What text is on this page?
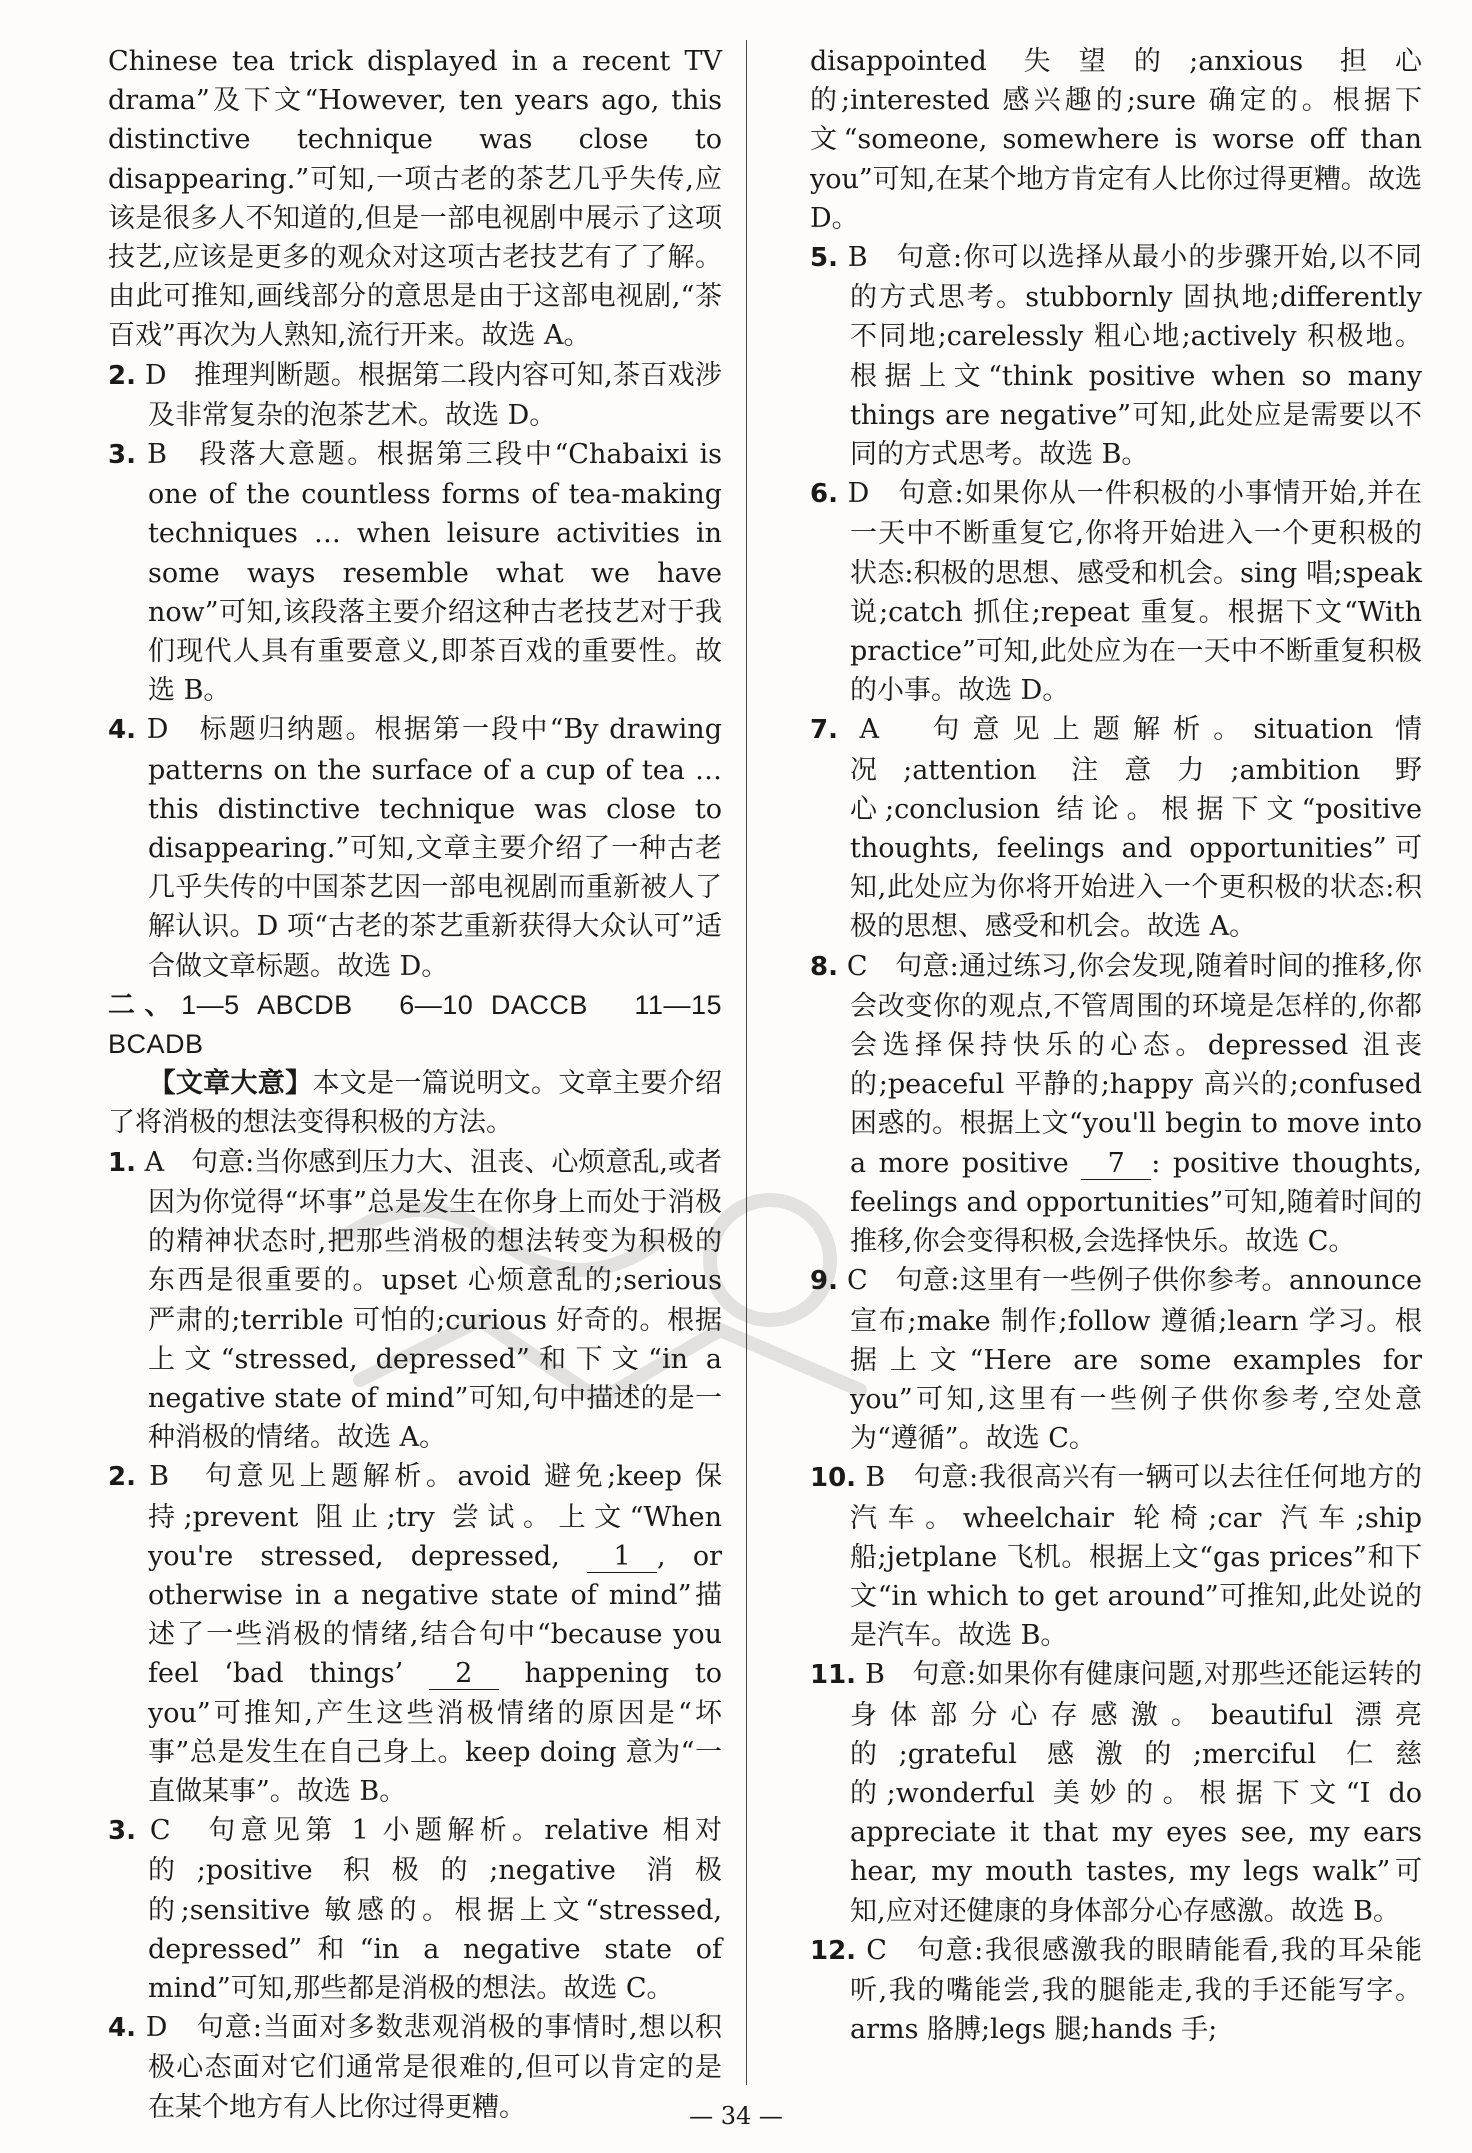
Chinese tea trick displayed in a recent TV drama”及下文“However, ten years ago, this distinctive technique was close to disappearing.”可知,一项古老的茶艺几乎失传,应该是很多人不知道的,但是一部电视剧中展示了这项技艺,应该是更多的观众对这项古老技艺有了了解。由此可推知,画线部分的意思是由于这部电视剧,“茶百戏”再次为人熟知,流行开来。故选 A。

2. D　推理判断题。根据第二段内容可知,茶百戏涉及非常复杂的泡茶艺术。故选 D。

3. B　段落大意题。根据第三段中“Chabaixi is one of the countless forms of tea-making techniques … when leisure activities in some ways resemble what we have now”可知,该段落主要介绍这种古老技艺对于我们现代人具有重要意义,即茶百戏的重要性。故选 B。

4. D　标题归纳题。根据第一段中“By drawing patterns on the surface of a cup of tea … this distinctive technique was close to disappearing.”可知,文章主要介绍了一种古老几乎失传的中国茶艺因一部电视剧而重新被人了解认识。D 项“古老的茶艺重新获得大众认可”适合做文章标题。故选 D。

二、1—5 ABCDB　6—10 DACCB　11—15 BCADB

【文章大意】本文是一篇说明文。文章主要介绍了将消极的想法变得积极的方法。

1. A　句意:当你感到压力大、沮丧、心烦意乱,或者因为你觉得“坏事”总是发生在你身上而处于消极的精神状态时,把那些消极的想法转变为积极的东西是很重要的。upset 心烦意乱的;serious 严肃的;terrible 可怕的;curious 好奇的。根据上文“stressed, depressed”和下文“in a negative state of mind”可知,句中描述的是一种消极的情绪。故选 A。

2. B　句意见上题解析。avoid 避免;keep 保持;prevent 阻止;try 尝试。上文“When you're stressed, depressed, 1 , or otherwise in a negative state of mind”描述了一些消极的情绪,结合句中“because you feel ‘bad things’ 2 happening to you”可推知,产生这些消极情绪的原因是“坏事”总是发生在自己身上。keep doing 意为“一直做某事”。故选 B。

3. C　句意见第 1 小题解析。relative 相对的;positive 积极的;negative 消极的;sensitive 敏感的。根据上文“stressed, depressed”和“in a negative state of mind”可知,那些都是消极的想法。故选 C。

4. D　句意:当面对多数悲观消极的事情时,想以积极心态面对它们通常是很难的,但可以肯定的是在某个地方有人比你过得更糟。

disappointed 失望的;anxious 担心的;interested 感兴趣的;sure 确定的。根据下文“someone, somewhere is worse off than you”可知,在某个地方肯定有人比你过得更糟。故选 D。

5. B　句意:你可以选择从最小的步骤开始,以不同的方式思考。stubbornly 固执地;differently 不同地;carelessly 粗心地;actively 积极地。根据上文“think positive when so many things are negative”可知,此处应是需要以不同的方式思考。故选 B。

6. D　句意:如果你从一件积极的小事情开始,并在一天中不断重复它,你将开始进入一个更积极的状态:积极的思想、感受和机会。sing 唱;speak 说;catch 抓住;repeat 重复。根据下文“With practice”可知,此处应为在一天中不断重复积极的小事。故选 D。

7. A　句意见上题解析。situation 情况;attention 注意力;ambition 野心;conclusion 结论。根据下文“positive thoughts, feelings and opportunities”可知,此处应为你将开始进入一个更积极的状态:积极的思想、感受和机会。故选 A。

8. C　句意:通过练习,你会发现,随着时间的推移,你会改变你的观点,不管周围的环境是怎样的,你都会选择保持快乐的心态。depressed 沮丧的;peaceful 平静的;happy 高兴的;confused 困惑的。根据上文“you'll begin to move into a more positive 7 : positive thoughts, feelings and opportunities”可知,随着时间的推移,你会变得积极,会选择快乐。故选 C。

9. C　句意:这里有一些例子供你参考。announce 宣布;make 制作;follow 遵循;learn 学习。根据上文“Here are some examples for you”可知,这里有一些例子供你参考,空处意为“遵循”。故选 C。

10. B　句意:我很高兴有一辆可以去往任何地方的汽车。wheelchair 轮椅;car 汽车;ship 船;jetplane 飞机。根据上文“gas prices”和下文“in which to get around”可推知,此处说的是汽车。故选 B。

11. B　句意:如果你有健康问题,对那些还能运转的身体部分心存感激。beautiful 漂亮的;grateful 感激的;merciful 仁慈的;wonderful 美妙的。根据下文“I do appreciate it that my eyes see, my ears hear, my mouth tastes, my legs walk”可知,应对还健康的身体部分心存感激。故选 B。

12. C　句意:我很感激我的眼睛能看,我的耳朵能听,我的嘴能尝,我的腿能走,我的手还能写字。arms 胳膊;legs 腿;hands 手;

— 34 —
